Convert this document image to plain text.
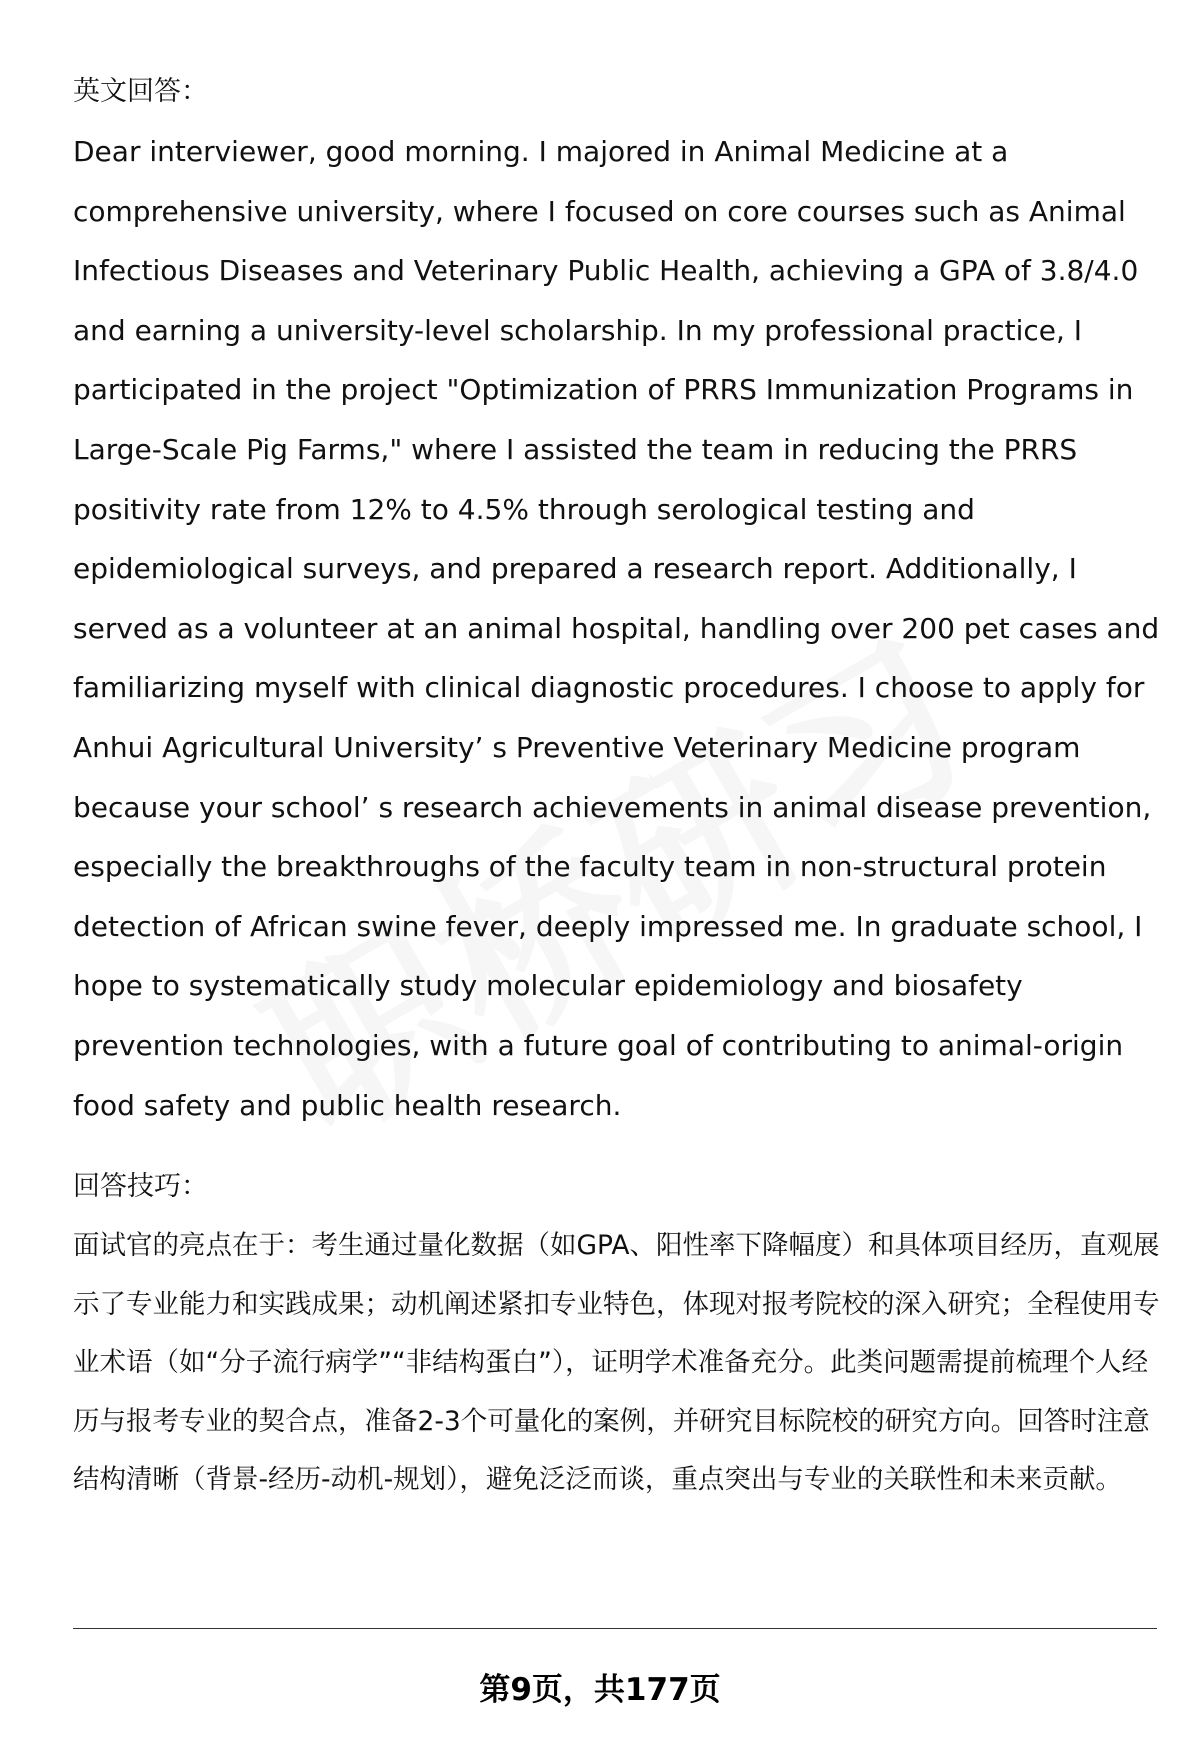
英文回答：

Dear interviewer, good morning. I majored in Animal Medicine at a comprehensive university, where I focused on core courses such as Animal Infectious Diseases and Veterinary Public Health, achieving a GPA of 3.8/4.0 and earning a university-level scholarship. In my professional practice, I participated in the project "Optimization of PRRS Immunization Programs in Large-Scale Pig Farms," where I assisted the team in reducing the PRRS positivity rate from 12% to 4.5% through serological testing and epidemiological surveys, and prepared a research report. Additionally, I served as a volunteer at an animal hospital, handling over 200 pet cases and familiarizing myself with clinical diagnostic procedures. I choose to apply for Anhui Agricultural University’ s Preventive Veterinary Medicine program because your school’ s research achievements in animal disease prevention, especially the breakthroughs of the faculty team in non-structural protein detection of African swine fever, deeply impressed me. In graduate school, I hope to systematically study molecular epidemiology and biosafety prevention technologies, with a future goal of contributing to animal-origin food safety and public health research.

回答技巧：

面试官的亮点在于：考生通过量化数据（如GPA、阳性率下降幅度）和具体项目经历，直观展示了专业能力和实践成果；动机阐述紧扣专业特色，体现对报考院校的深入研究；全程使用专业术语（如“分子流行病学”“非结构蛋白”），证明学术准备充分。此类问题需提前梳理个人经历与报考专业的契合点，准备2-3个可量化的案例，并研究目标院校的研究方向。回答时注意结构清晰（背景-经历-动机-规划），避免泛泛而谈，重点突出与专业的关联性和未来贡献。

第9页，共177页
